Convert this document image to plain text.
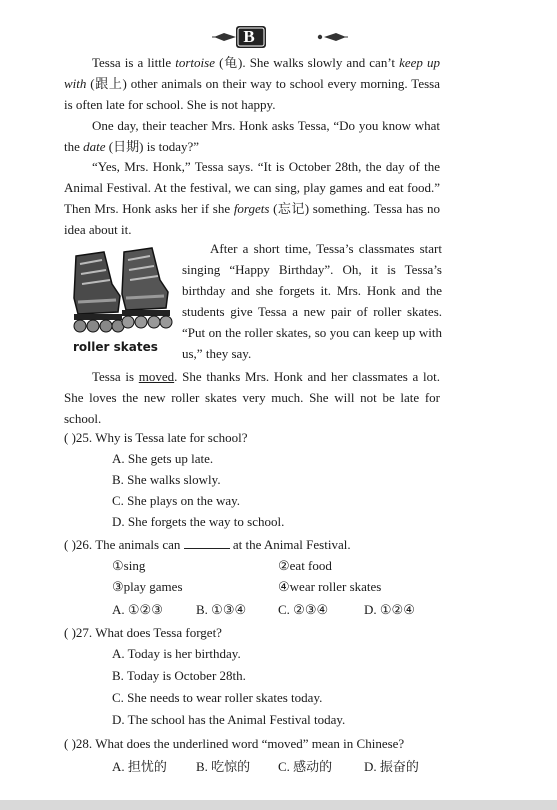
B
Tessa is a little tortoise (龟). She walks slowly and can’t keep up with (跟上) other animals on their way to school every morning. Tessa is often late for school. She is not happy.
One day, their teacher Mrs. Honk asks Tessa, “Do you know what the date (日期) is today?”
“Yes, Mrs. Honk,” Tessa says. “It is October 28th, the day of the Animal Festival. At the festival, we can sing, play games and eat food.” Then Mrs. Honk asks her if she forgets (忘记) something. Tessa has no idea about it.
roller skates
After a short time, Tessa’s classmates start singing “Happy Birthday”. Oh, it is Tessa’s birthday and she forgets it. Mrs. Honk and the students give Tessa a new pair of roller skates. “Put on the roller skates, so you can keep up with us,” they say.
Tessa is moved. She thanks Mrs. Honk and her classmates a lot. She loves the new roller skates very much. She will not be late for school.
( )25. Why is Tessa late for school?
A. She gets up late.
B. She walks slowly.
C. She plays on the way.
D. She forgets the way to school.
( )26. The animals can	at the Animal Festival.
①sing	②eat food
③play games	④wear roller skates
A. ①②③	B. ①③④ C. ②③④	D. ①②④
( )27. What does Tessa forget?
A. Today is her birthday.
B. Today is October 28th.
C. She needs to wear roller skates today.
D. The school has the Animal Festival today.
( )28. What does the underlined word “moved” mean in Chinese?
A. 担忧的 B. 吃惊的 C. 感动的 D. 振奋的
